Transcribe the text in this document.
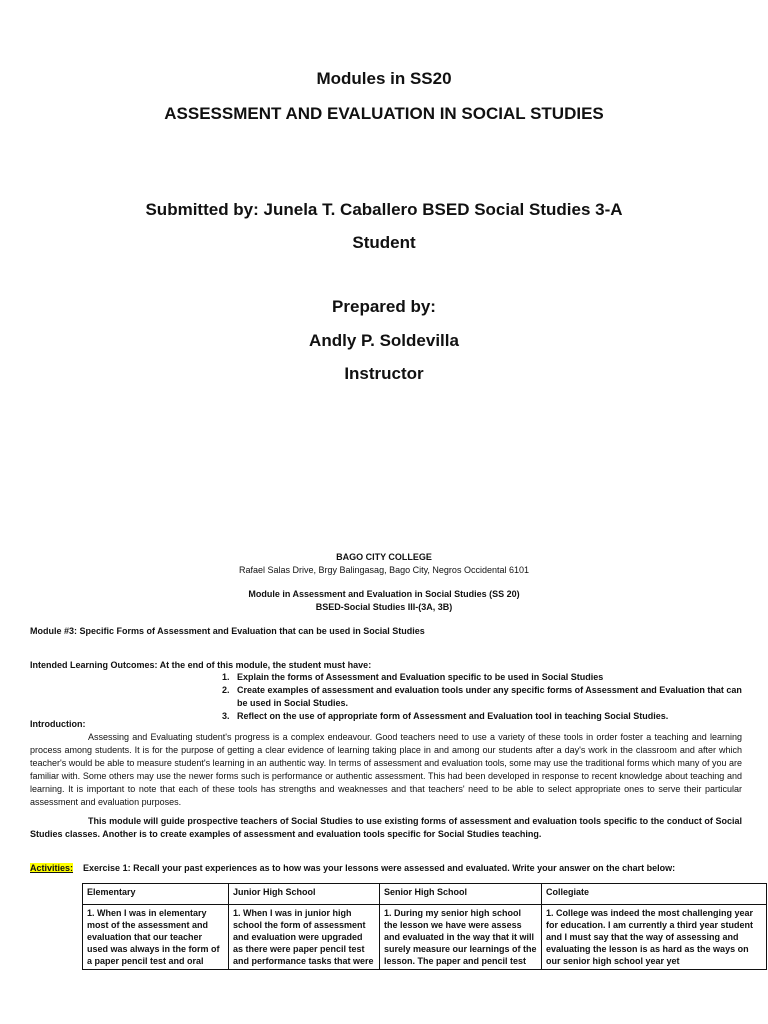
Modules in SS20
ASSESSMENT AND EVALUATION IN SOCIAL STUDIES
Submitted by: Junela T. Caballero BSED Social Studies 3-A
Student
Prepared by:
Andly P. Soldevilla
Instructor
BAGO CITY COLLEGE
Rafael Salas Drive, Brgy Balingasag, Bago City, Negros Occidental 6101
Module in Assessment and Evaluation in Social Studies (SS 20)
BSED-Social Studies III-(3A, 3B)
Module #3: Specific Forms of Assessment and Evaluation that can be used in Social Studies
Intended Learning Outcomes: At the end of this module, the student must have:
1. Explain the forms of Assessment and Evaluation specific to be used in Social Studies
2. Create examples of assessment and evaluation tools under any specific forms of Assessment and Evaluation that can be used in Social Studies.
3. Reflect on the use of appropriate form of Assessment and Evaluation tool in teaching Social Studies.
Introduction:
Assessing and Evaluating student's progress is a complex endeavour. Good teachers need to use a variety of these tools in order foster a teaching and learning process among students. It is for the purpose of getting a clear evidence of learning taking place in and among our students after a day's work in the classroom and after which teacher's would be able to measure student's learning in an authentic way. In terms of assessment and evaluation tools, some may use the traditional forms which many of you are familiar with. Some others may use the newer forms such is performance or authentic assessment. This had been developed in response to recent knowledge about teaching and learning. It is important to note that each of these tools has strengths and weaknesses and that teachers' need to be able to select appropriate ones to serve their particular assessment and evaluation purposes.
This module will guide prospective teachers of Social Studies to use existing forms of assessment and evaluation tools specific to the conduct of Social Studies classes. Another is to create examples of assessment and evaluation tools specific for Social Studies teaching.
Activities: Exercise 1: Recall your past experiences as to how was your lessons were assessed and evaluated. Write your answer on the chart below:
Elementary	Junior High School	Senior High School	Collegiate

1. When I was in elementary most of the assessment and evaluation that our teacher used was always in the form of a paper pencil test and oral	1. When I was in junior high school the form of assessment and evaluation were upgraded as there were paper pencil test and performance tasks that were	1. During my senior high school the lesson we have were assess and evaluated in the way that it will surely measure our learnings of the lesson. The paper and pencil test	1. College was indeed the most challenging year for education. I am currently a third year student and I must say that the way of assessing and evaluating the lesson is as hard as the ways on our senior high school year yet
